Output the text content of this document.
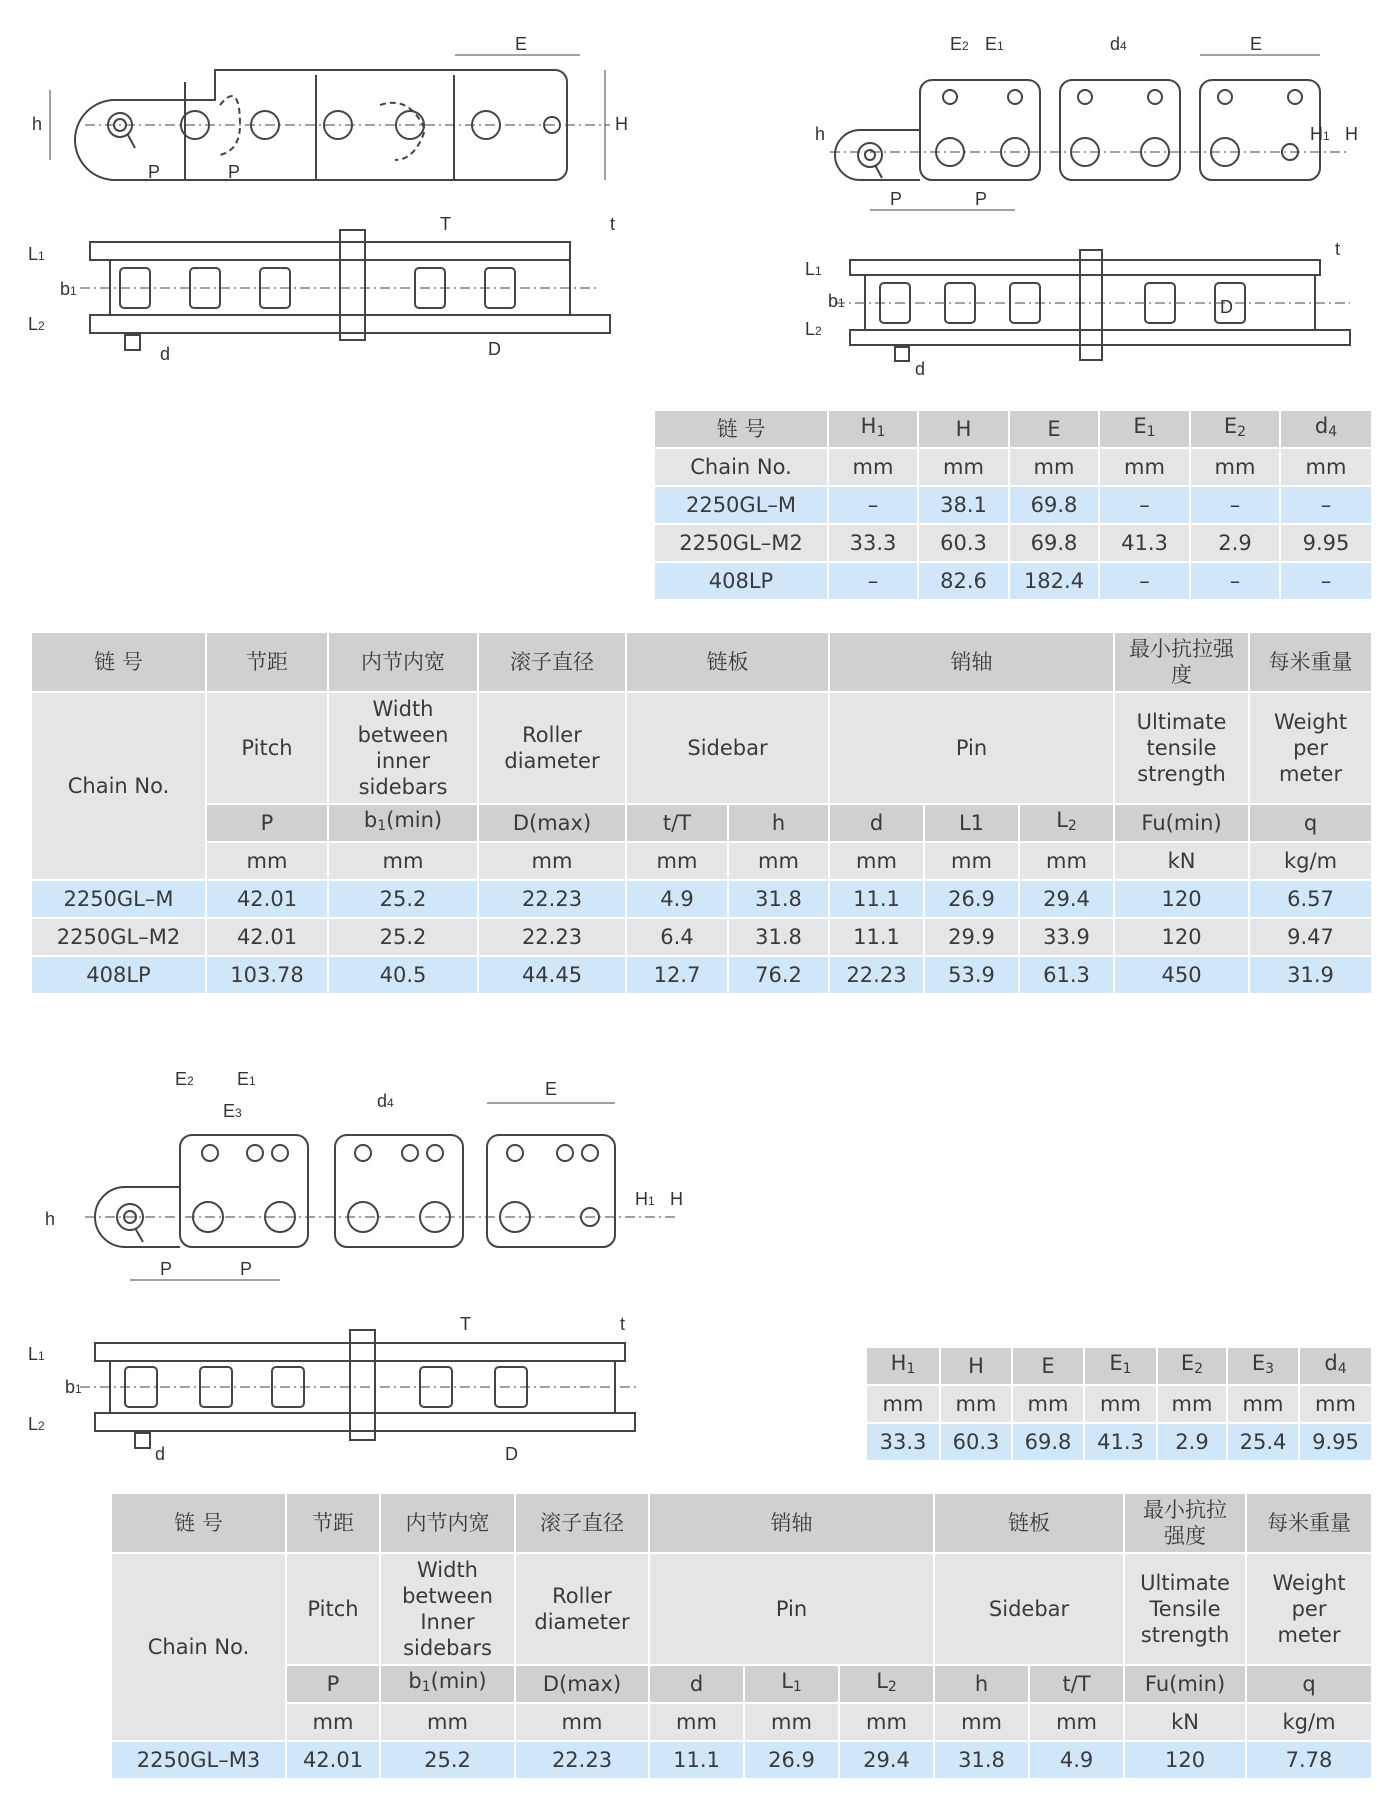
h	H
E
P	P
d	D
T	t
L1
L2
b1
h	H1 H
E2 E1	d4	E
P	P
d
D
t
L1
L2
b1
链 号	$H_1$	H	E	$E_1$	$E_2$	$d_4$
Chain No.	mm	mm	mm	mm	mm	mm
2250GL–M	–	38.1	69.8	–	–	–
2250GL–M2	33.3	60.3	69.8	41.3	2.9	9.95
408LP	–	82.6	182.4	–	–	–
链 号	节距	内节内宽	滚子直径	链板		销轴			最小抗拉强度	每米重量
Chain No.	Pitch	Width between inner sidebars	Roller diameter	Sidebar		Pin			Ultimate tensile strength	Weight per meter
	P	$b_1(\min)$	D(max)	t/T	h	d	L1	$L_2$	Fu(min)	q
	mm	mm	mm	mm	mm	mm	mm	mm	kN	kg/m
2250GL–M	42.01	25.2	22.23	4.9	31.8	11.1	26.9	29.4	120	6.57
2250GL–M2	42.01	25.2	22.23	6.4	31.8	11.1	29.9	33.9	120	9.47
408LP	103.78	40.5	44.45	12.7	76.2	22.23	53.9	61.3	450	31.9
h
H1 H
E2 E1
E3
d4
E
P	P
d	D
T	t
L1
L2
b1
$H_1$	H	E	$E_1$	$E_2$	$E_3$	$d_4$
mm	mm	mm	mm	mm	mm	mm
33.3	60.3	69.8	41.3	2.9	25.4	9.95
链 号	节距	内节内宽	滚子直径	销轴			链板		最小抗拉强度	每米重量
Chain No.	Pitch	Width between Inner sidebars	Roller diameter	Pin			Sidebar		Ultimate Tensile strength	Weight per meter
	P	$b_1(\min)$	D(max)	d	$L_1$	$L_2$	h	t/T	Fu(min)	q
	mm	mm	mm	mm	mm	mm	mm	mm	kN	kg/m
2250GL–M3	42.01	25.2	22.23	11.1	26.9	29.4	31.8	4.9	120	7.78
